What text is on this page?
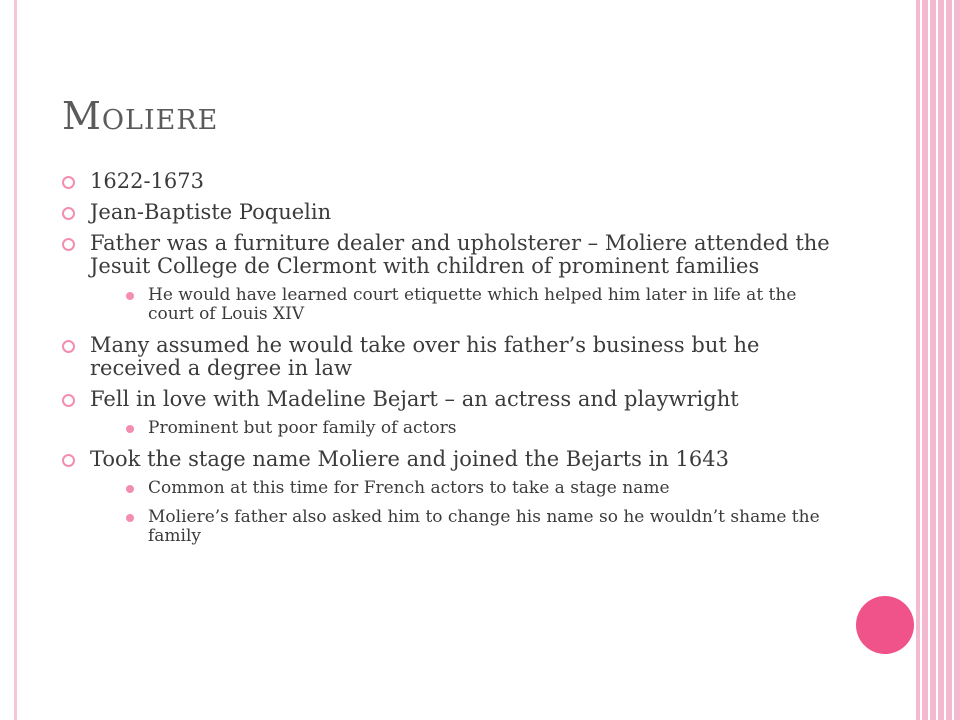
Moliere
1622-1673
Jean-Baptiste Poquelin
Father was a furniture dealer and upholsterer – Moliere attended the Jesuit College de Clermont with children of prominent families
He would have learned court etiquette which helped him later in life at the court of Louis XIV
Many assumed he would take over his father’s business but he received a degree in law
Fell in love with Madeline Bejart – an actress and playwright
Prominent but poor family of actors
Took the stage name Moliere and joined the Bejarts in 1643
Common at this time for French actors to take a stage name
Moliere’s father also asked him to change his name so he wouldn’t shame the family
